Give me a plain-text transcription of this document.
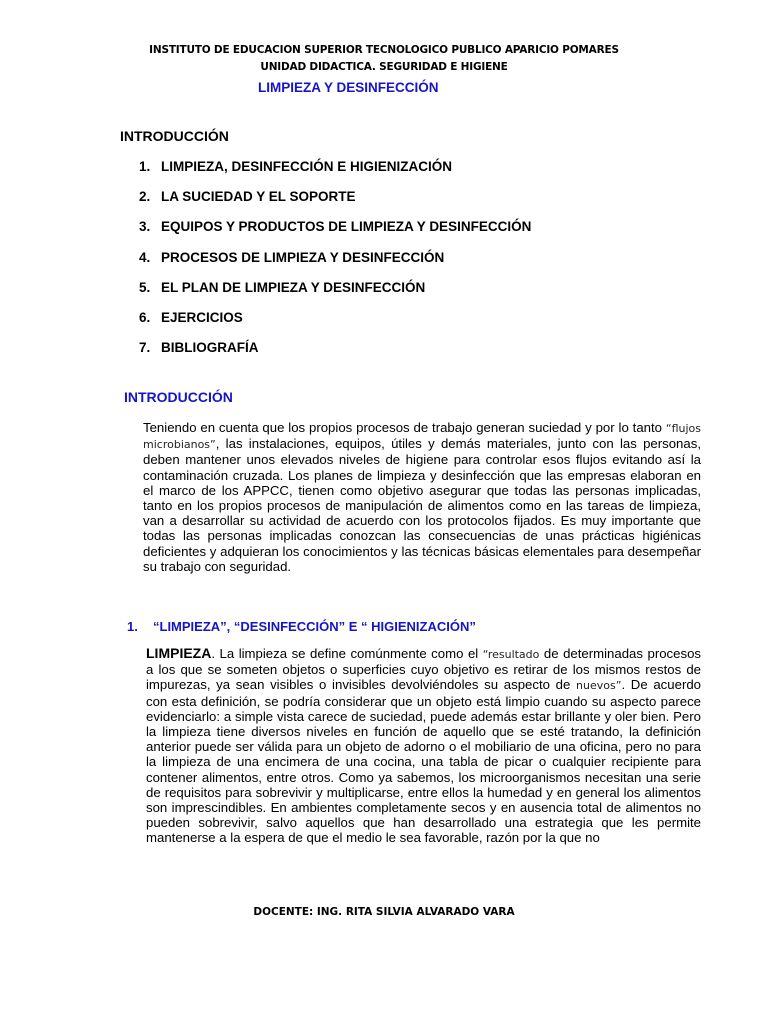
INSTITUTO DE EDUCACION SUPERIOR TECNOLOGICO PUBLICO APARICIO POMARES
UNIDAD DIDACTICA. SEGURIDAD E HIGIENE
LIMPIEZA Y DESINFECCIÓN
INTRODUCCIÓN
1. LIMPIEZA, DESINFECCIÓN E HIGIENIZACIÓN
2. LA SUCIEDAD Y EL SOPORTE
3. EQUIPOS Y PRODUCTOS DE LIMPIEZA Y DESINFECCIÓN
4. PROCESOS DE LIMPIEZA Y DESINFECCIÓN
5. EL PLAN DE LIMPIEZA Y DESINFECCIÓN
6. EJERCICIOS
7. BIBLIOGRAFÍA
INTRODUCCIÓN

Teniendo en cuenta que los propios procesos de trabajo generan suciedad y por lo tanto “flujos microbianos”, las instalaciones, equipos, útiles y demás materiales, junto con las personas, deben mantener unos elevados niveles de higiene para controlar esos flujos evitando así la contaminación cruzada. Los planes de limpieza y desinfección que las empresas elaboran en el marco de los APPCC, tienen como objetivo asegurar que todas las personas implicadas, tanto en los propios procesos de manipulación de alimentos como en las tareas de limpieza, van a desarrollar su actividad de acuerdo con los protocolos fijados. Es muy importante que todas las personas implicadas conozcan las consecuencias de unas prácticas higiénicas deficientes y adquieran los conocimientos y las técnicas básicas elementales para desempeñar su trabajo con seguridad.

1. “LIMPIEZA”, “DESINFECCIÓN” E “ HIGIENIZACIÓN”

LIMPIEZA. La limpieza se define comúnmente como el “resultado de determinadas procesos a los que se someten objetos o superficies cuyo objetivo es retirar de los mismos restos de impurezas, ya sean visibles o invisibles devolviéndoles su aspecto de nuevos”. De acuerdo con esta definición, se podría considerar que un objeto está limpio cuando su aspecto parece evidenciarlo: a simple vista carece de suciedad, puede además estar brillante y oler bien. Pero la limpieza tiene diversos niveles en función de aquello que se esté tratando, la definición anterior puede ser válida para un objeto de adorno o el mobiliario de una oficina, pero no para la limpieza de una encimera de una cocina, una tabla de picar o cualquier recipiente para contener alimentos, entre otros. Como ya sabemos, los microorganismos necesitan una serie de requisitos para sobrevivir y multiplicarse, entre ellos la humedad y en general los alimentos son imprescindibles. En ambientes completamente secos y en ausencia total de alimentos no pueden sobrevivir, salvo aquellos que han desarrollado una estrategia que les permite mantenerse a la espera de que el medio le sea favorable, razón por la que no

DOCENTE: ING. RITA SILVIA ALVARADO VARA
